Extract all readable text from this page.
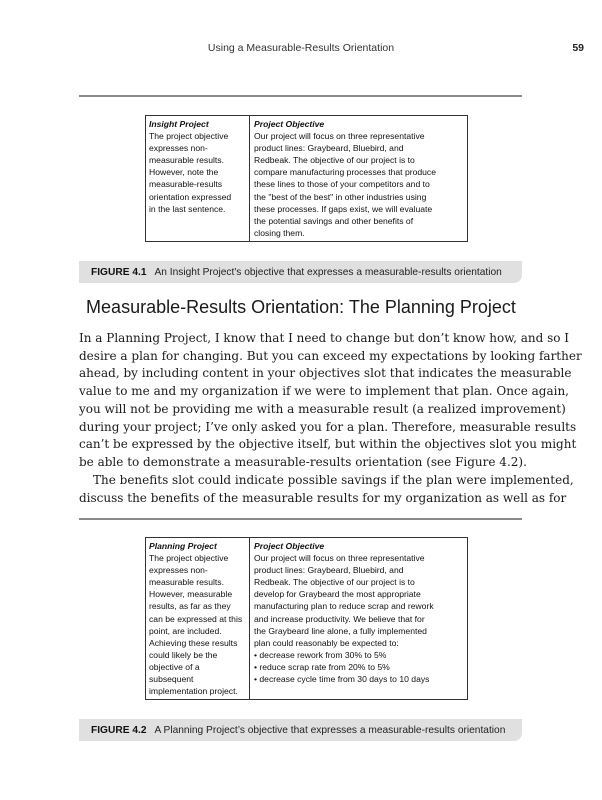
Using a Measurable-Results Orientation	59
Insight Project
The project objective
expresses non-
measurable results.
However, note the
measurable-results
orientation expressed
in the last sentence.
Project Objective
Our project will focus on three representative
product lines: Graybeard, Bluebird, and
Redbeak. The objective of our project is to
compare manufacturing processes that produce
these lines to those of your competitors and to
the "best of the best" in other industries using
these processes. If gaps exist, we will evaluate
the potential savings and other benefits of
closing them.
FIGURE 4.1 An Insight Project's objective that expresses a measurable-results orientation
Measurable-Results Orientation: The Planning Project
In a Planning Project, I know that I need to change but don’t know how, and so I
desire a plan for changing. But you can exceed my expectations by looking farther
ahead, by including content in your objectives slot that indicates the measurable
value to me and my organization if we were to implement that plan. Once again,
you will not be providing me with a measurable result (a realized improvement)
during your project; I’ve only asked you for a plan. Therefore, measurable results
can’t be expressed by the objective itself, but within the objectives slot you might
be able to demonstrate a measurable-results orientation (see Figure 4.2).
The benefits slot could indicate possible savings if the plan were implemented,
discuss the benefits of the measurable results for my organization as well as for
Planning Project
The project objective
expresses non-
measurable results.
However, measurable
results, as far as they
can be expressed at this
point, are included.
Achieving these results
could likely be the
objective of a
subsequent
implementation project.
Project Objective
Our project will focus on three representative
product lines: Graybeard, Bluebird, and
Redbeak. The objective of our project is to
develop for Graybeard the most appropriate
manufacturing plan to reduce scrap and rework
and increase productivity. We believe that for
the Graybeard line alone, a fully implemented
plan could reasonably be expected to:
• decrease rework from 30% to 5%
• reduce scrap rate from 20% to 5%
• decrease cycle time from 30 days to 10 days
FIGURE 4.2 A Planning Project’s objective that expresses a measurable-results orientation
